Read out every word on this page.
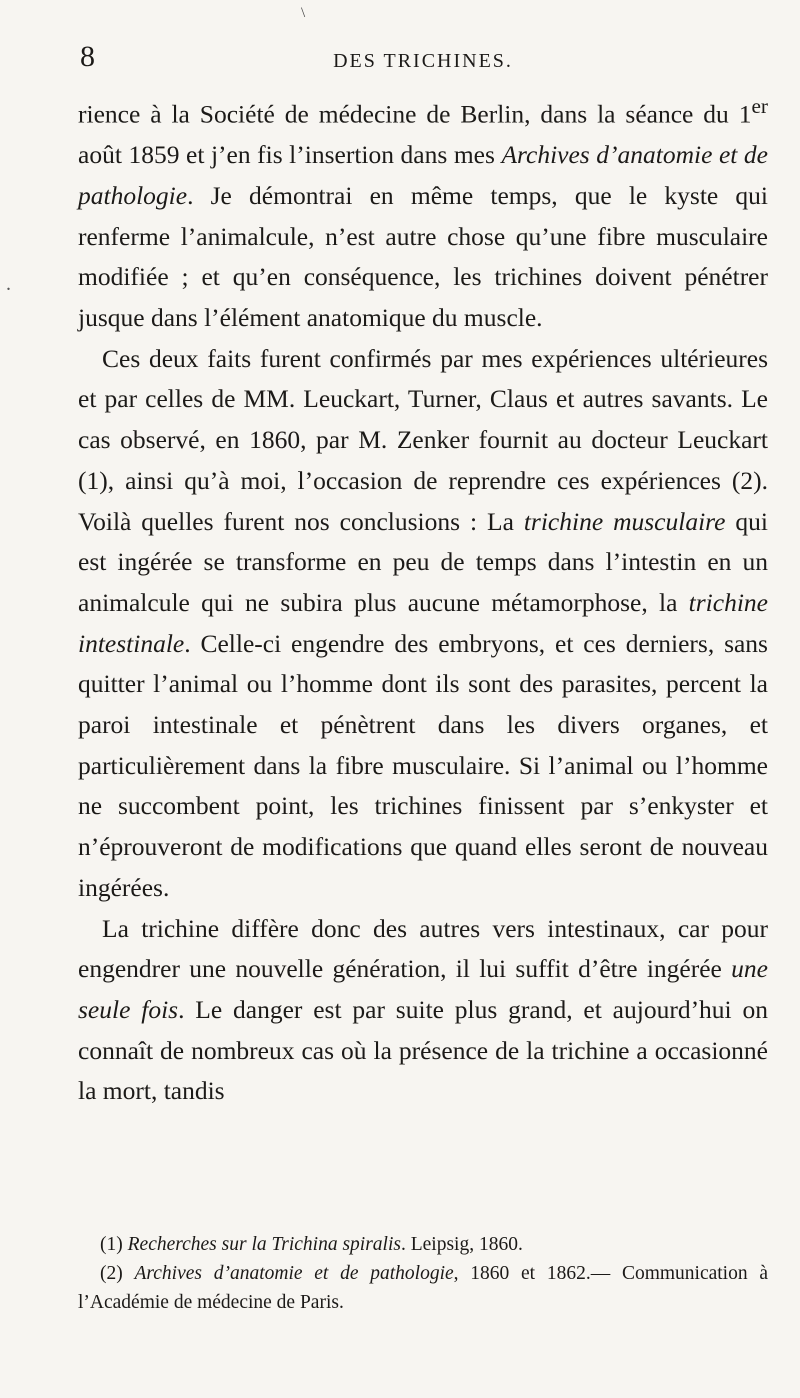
\
.
8	DES TRICHINES.

rience à la Société de médecine de Berlin, dans la séance du 1er août 1859 et j’en fis l’insertion dans mes Archives d’anatomie et de pathologie. Je démontrai en même temps, que le kyste qui renferme l’animalcule, n’est autre chose qu’une fibre musculaire modifiée ; et qu’en conséquence, les trichines doivent pénétrer jusque dans l’élément anatomique du muscle.

Ces deux faits furent confirmés par mes expériences ultérieures et par celles de MM. Leuckart, Turner, Claus et autres savants. Le cas observé, en 1860, par M. Zenker fournit au docteur Leuckart (1), ainsi qu’à moi, l’occasion de reprendre ces expériences (2). Voilà quelles furent nos conclusions : La trichine musculaire qui est ingérée se transforme en peu de temps dans l’intestin en un animalcule qui ne subira plus aucune métamorphose, la trichine intestinale. Celle-ci engendre des embryons, et ces derniers, sans quitter l’animal ou l’homme dont ils sont des parasites, percent la paroi intestinale et pénètrent dans les divers organes, et particulièrement dans la fibre musculaire. Si l’animal ou l’homme ne succombent point, les trichines finissent par s’enkyster et n’éprouveront de modifications que quand elles seront de nouveau ingérées.

La trichine diffère donc des autres vers intestinaux, car pour engendrer une nouvelle génération, il lui suffit d’être ingérée une seule fois. Le danger est par suite plus grand, et aujourd’hui on connaît de nombreux cas où la présence de la trichine a occasionné la mort, tandis

(1) Recherches sur la Trichina spiralis. Leipsig, 1860.

(2) Archives d’anatomie et de pathologie, 1860 et 1862.— Communication à l’Académie de médecine de Paris.
